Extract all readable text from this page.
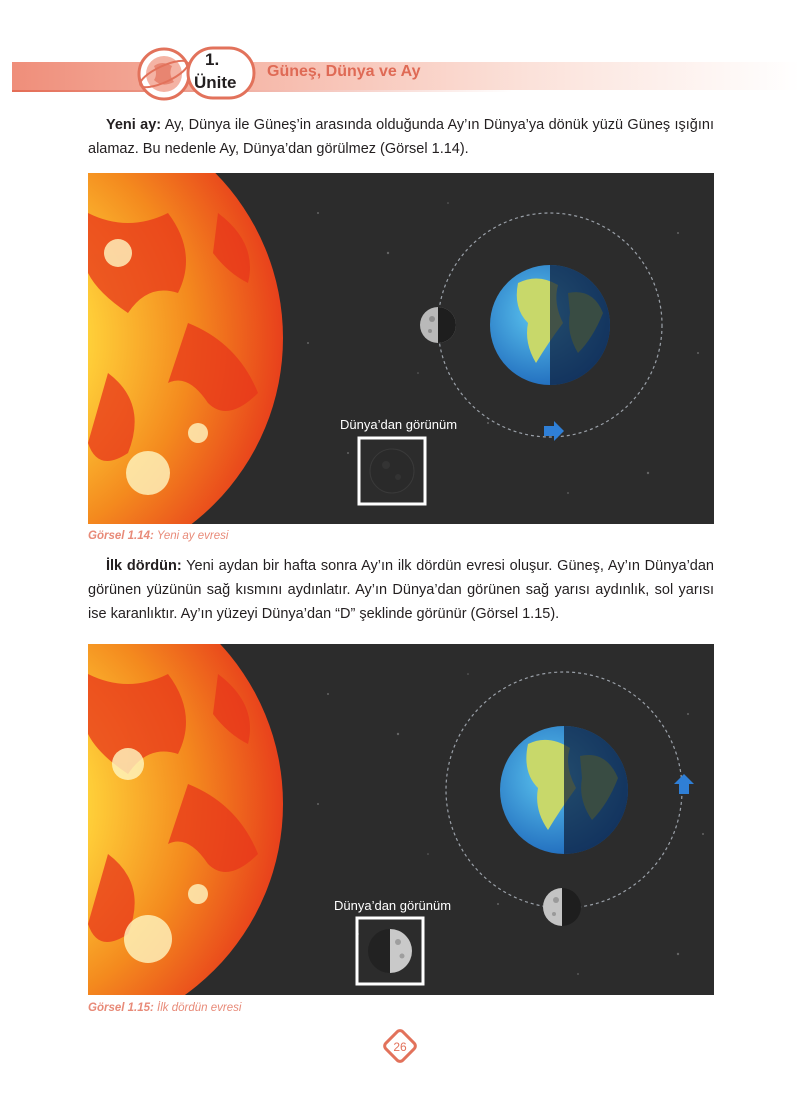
1.
Ünite
Güneş, Dünya ve Ay
Yeni ay: Ay, Dünya ile Güneş’in arasında olduğunda Ay’ın Dünya’ya dönük yüzü Güneş ışığını alamaz. Bu nedenle Ay, Dünya’dan görülmez (Görsel 1.14).
Dünya’dan görünüm
Görsel 1.14: Yeni ay evresi
İlk dördün: Yeni aydan bir hafta sonra Ay’ın ilk dördün evresi oluşur. Güneş, Ay’ın Dünya’dan görünen yüzünün sağ kısmını aydınlatır. Ay’ın Dünya’dan görünen sağ yarısı aydınlık, sol yarısı ise karanlıktır. Ay’ın yüzeyi Dünya’dan “D” şeklinde görünür (Görsel 1.15).
Dünya’dan görünüm
Görsel 1.15: İlk dördün evresi
26
